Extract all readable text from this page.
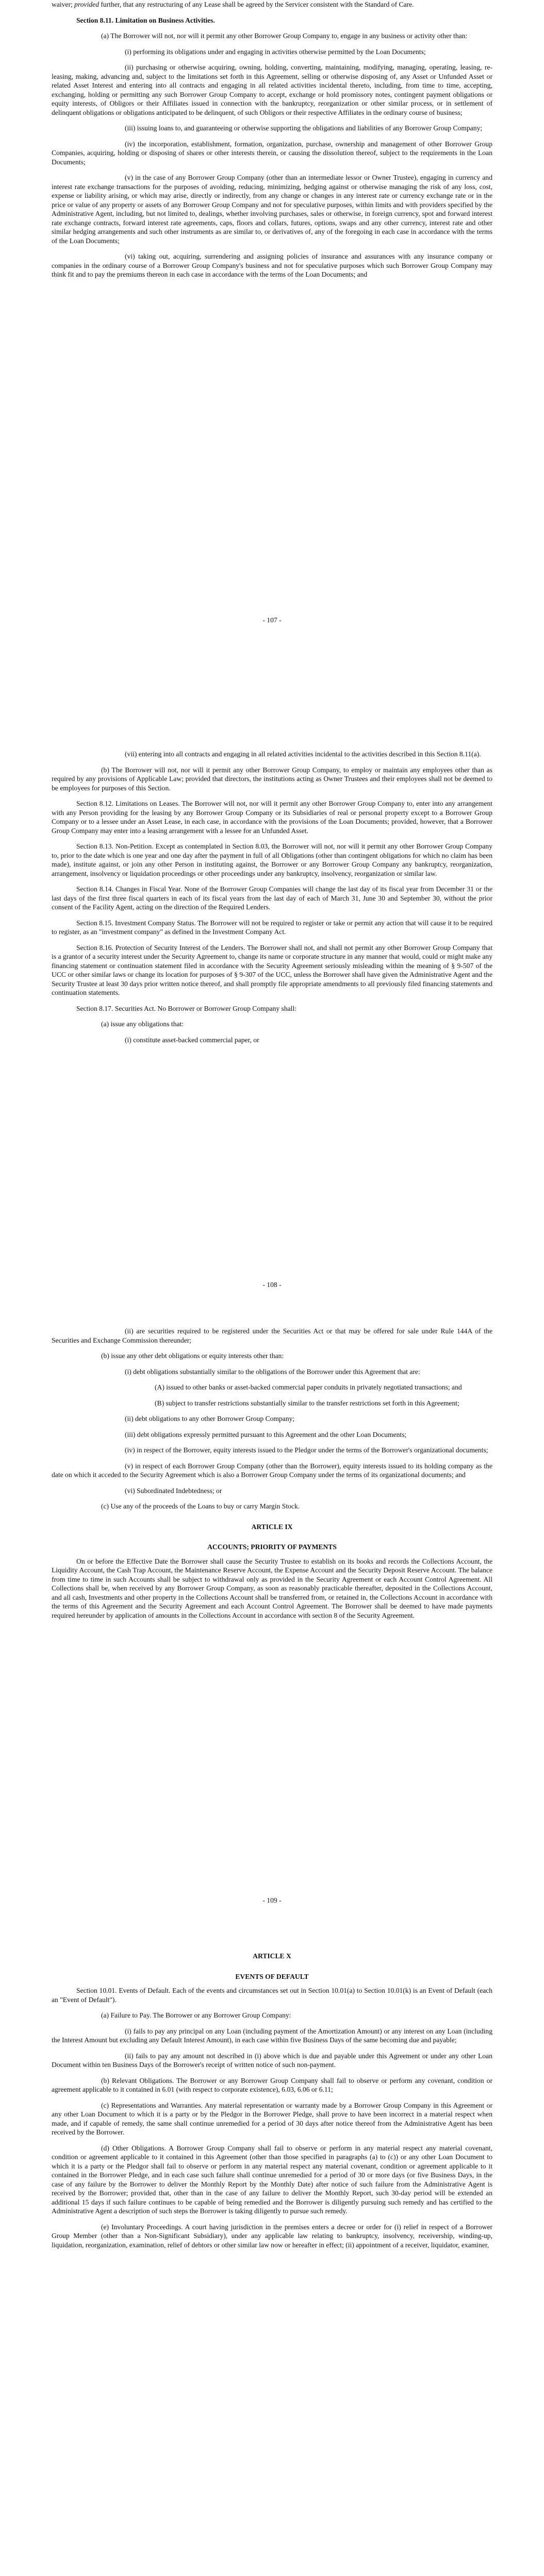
waiver; provided further, that any restructuring of any Lease shall be agreed by the Servicer consistent with the Standard of Care.

Section 8.11. Limitation on Business Activities.

(a) The Borrower will not, nor will it permit any other Borrower Group Company to, engage in any business or activity other than:

(i) performing its obligations under and engaging in activities otherwise permitted by the Loan Documents;

(ii) purchasing or otherwise acquiring, owning, holding, converting, maintaining, modifying, managing, operating, leasing, re-leasing, making, advancing and, subject to the limitations set forth in this Agreement, selling or otherwise disposing of, any Asset or Unfunded Asset or related Asset Interest and entering into all contracts and engaging in all related activities incidental thereto, including, from time to time, accepting, exchanging, holding or permitting any such Borrower Group Company to accept, exchange or hold promissory notes, contingent payment obligations or equity interests, of Obligors or their Affiliates issued in connection with the bankruptcy, reorganization or other similar process, or in settlement of delinquent obligations or obligations anticipated to be delinquent, of such Obligors or their respective Affiliates in the ordinary course of business;

(iii) issuing loans to, and guaranteeing or otherwise supporting the obligations and liabilities of any Borrower Group Company;

(iv) the incorporation, establishment, formation, organization, purchase, ownership and management of other Borrower Group Companies, acquiring, holding or disposing of shares or other interests therein, or causing the dissolution thereof, subject to the requirements in the Loan Documents;

(v) in the case of any Borrower Group Company (other than an intermediate lessor or Owner Trustee), engaging in currency and interest rate exchange transactions for the purposes of avoiding, reducing, minimizing, hedging against or otherwise managing the risk of any loss, cost, expense or liability arising, or which may arise, directly or indirectly, from any change or changes in any interest rate or currency exchange rate or in the price or value of any property or assets of any Borrower Group Company and not for speculative purposes, within limits and with providers specified by the Administrative Agent, including, but not limited to, dealings, whether involving purchases, sales or otherwise, in foreign currency, spot and forward interest rate exchange contracts, forward interest rate agreements, caps, floors and collars, futures, options, swaps and any other currency, interest rate and other similar hedging arrangements and such other instruments as are similar to, or derivatives of, any of the foregoing in each case in accordance with the terms of the Loan Documents;

(vi) taking out, acquiring, surrendering and assigning policies of insurance and assurances with any insurance company or companies in the ordinary course of a Borrower Group Company's business and not for speculative purposes which such Borrower Group Company may think fit and to pay the premiums thereon in each case in accordance with the terms of the Loan Documents; and

- 107 -

(vii) entering into all contracts and engaging in all related activities incidental to the activities described in this Section 8.11(a).

(b) The Borrower will not, nor will it permit any other Borrower Group Company, to employ or maintain any employees other than as required by any provisions of Applicable Law; provided that directors, the institutions acting as Owner Trustees and their employees shall not be deemed to be employees for purposes of this Section.

Section 8.12. Limitations on Leases. The Borrower will not, nor will it permit any other Borrower Group Company to, enter into any arrangement with any Person providing for the leasing by any Borrower Group Company or its Subsidiaries of real or personal property except to a Borrower Group Company or to a lessee under an Asset Lease, in each case, in accordance with the provisions of the Loan Documents; provided, however, that a Borrower Group Company may enter into a leasing arrangement with a lessee for an Unfunded Asset.

Section 8.13. Non-Petition. Except as contemplated in Section 8.03, the Borrower will not, nor will it permit any other Borrower Group Company to, prior to the date which is one year and one day after the payment in full of all Obligations (other than contingent obligations for which no claim has been made), institute against, or join any other Person in instituting against, the Borrower or any Borrower Group Company any bankruptcy, reorganization, arrangement, insolvency or liquidation proceedings or other proceedings under any bankruptcy, insolvency, reorganization or similar law.

Section 8.14. Changes in Fiscal Year. None of the Borrower Group Companies will change the last day of its fiscal year from December 31 or the last days of the first three fiscal quarters in each of its fiscal years from the last day of each of March 31, June 30 and September 30, without the prior consent of the Facility Agent, acting on the direction of the Required Lenders.

Section 8.15. Investment Company Status. The Borrower will not be required to register or take or permit any action that will cause it to be required to register, as an "investment company" as defined in the Investment Company Act.

Section 8.16. Protection of Security Interest of the Lenders. The Borrower shall not, and shall not permit any other Borrower Group Company that is a grantor of a security interest under the Security Agreement to, change its name or corporate structure in any manner that would, could or might make any financing statement or continuation statement filed in accordance with the Security Agreement seriously misleading within the meaning of § 9-507 of the UCC or other similar laws or change its location for purposes of § 9-307 of the UCC, unless the Borrower shall have given the Administrative Agent and the Security Trustee at least 30 days prior written notice thereof, and shall promptly file appropriate amendments to all previously filed financing statements and continuation statements.

Section 8.17. Securities Act. No Borrower or Borrower Group Company shall:

(a) issue any obligations that:

(i) constitute asset-backed commercial paper, or

- 108 -

(ii) are securities required to be registered under the Securities Act or that may be offered for sale under Rule 144A of the Securities and Exchange Commission thereunder;

(b) issue any other debt obligations or equity interests other than:

(i) debt obligations substantially similar to the obligations of the Borrower under this Agreement that are:

(A) issued to other banks or asset-backed commercial paper conduits in privately negotiated transactions; and

(B) subject to transfer restrictions substantially similar to the transfer restrictions set forth in this Agreement;

(ii) debt obligations to any other Borrower Group Company;

(iii) debt obligations expressly permitted pursuant to this Agreement and the other Loan Documents;

(iv) in respect of the Borrower, equity interests issued to the Pledgor under the terms of the Borrower's organizational documents;

(v) in respect of each Borrower Group Company (other than the Borrower), equity interests issued to its holding company as the date on which it acceded to the Security Agreement which is also a Borrower Group Company under the terms of its organizational documents; and

(vi) Subordinated Indebtedness; or

(c) Use any of the proceeds of the Loans to buy or carry Margin Stock.

ARTICLE IX

ACCOUNTS; PRIORITY OF PAYMENTS

On or before the Effective Date the Borrower shall cause the Security Trustee to establish on its books and records the Collections Account, the Liquidity Account, the Cash Trap Account, the Maintenance Reserve Account, the Expense Account and the Security Deposit Reserve Account. The balance from time to time in such Accounts shall be subject to withdrawal only as provided in the Security Agreement or each Account Control Agreement. All Collections shall be, when received by any Borrower Group Company, as soon as reasonably practicable thereafter, deposited in the Collections Account, and all cash, Investments and other property in the Collections Account shall be transferred from, or retained in, the Collections Account in accordance with the terms of this Agreement and the Security Agreement and each Account Control Agreement. The Borrower shall be deemed to have made payments required hereunder by application of amounts in the Collections Account in accordance with section 8 of the Security Agreement.

- 109 -

ARTICLE X

EVENTS OF DEFAULT

Section 10.01. Events of Default. Each of the events and circumstances set out in Section 10.01(a) to Section 10.01(k) is an Event of Default (each an "Event of Default").

(a) Failure to Pay. The Borrower or any Borrower Group Company:

(i) fails to pay any principal on any Loan (including payment of the Amortization Amount) or any interest on any Loan (including the Interest Amount but excluding any Default Interest Amount), in each case within five Business Days of the same becoming due and payable;

(ii) fails to pay any amount not described in (i) above which is due and payable under this Agreement or under any other Loan Document within ten Business Days of the Borrower's receipt of written notice of such non-payment.

(b) Relevant Obligations. The Borrower or any Borrower Group Company shall fail to observe or perform any covenant, condition or agreement applicable to it contained in 6.01 (with respect to corporate existence), 6.03, 6.06 or 6.11;

(c) Representations and Warranties. Any material representation or warranty made by a Borrower Group Company in this Agreement or any other Loan Document to which it is a party or by the Pledgor in the Borrower Pledge, shall prove to have been incorrect in a material respect when made, and if capable of remedy, the same shall continue unremedied for a period of 30 days after notice thereof from the Administrative Agent has been received by the Borrower.

(d) Other Obligations. A Borrower Group Company shall fail to observe or perform in any material respect any material covenant, condition or agreement applicable to it contained in this Agreement (other than those specified in paragraphs (a) to (c)) or any other Loan Document to which it is a party or the Pledgor shall fail to observe or perform in any material respect any material covenant, condition or agreement applicable to it contained in the Borrower Pledge, and in each case such failure shall continue unremedied for a period of 30 or more days (or five Business Days, in the case of any failure by the Borrower to deliver the Monthly Report by the Monthly Date) after notice of such failure from the Administrative Agent is received by the Borrower; provided that, other than in the case of any failure to deliver the Monthly Report, such 30-day period will be extended an additional 15 days if such failure continues to be capable of being remedied and the Borrower is diligently pursuing such remedy and has certified to the Administrative Agent a description of such steps the Borrower is taking diligently to pursue such remedy.

(e) Involuntary Proceedings. A court having jurisdiction in the premises enters a decree or order for (i) relief in respect of a Borrower Group Member (other than a Non-Significant Subsidiary), under any applicable law relating to bankruptcy, insolvency, receivership, winding-up, liquidation, reorganization, examination, relief of debtors or other similar law now or hereafter in effect; (ii) appointment of a receiver, liquidator, examiner,
